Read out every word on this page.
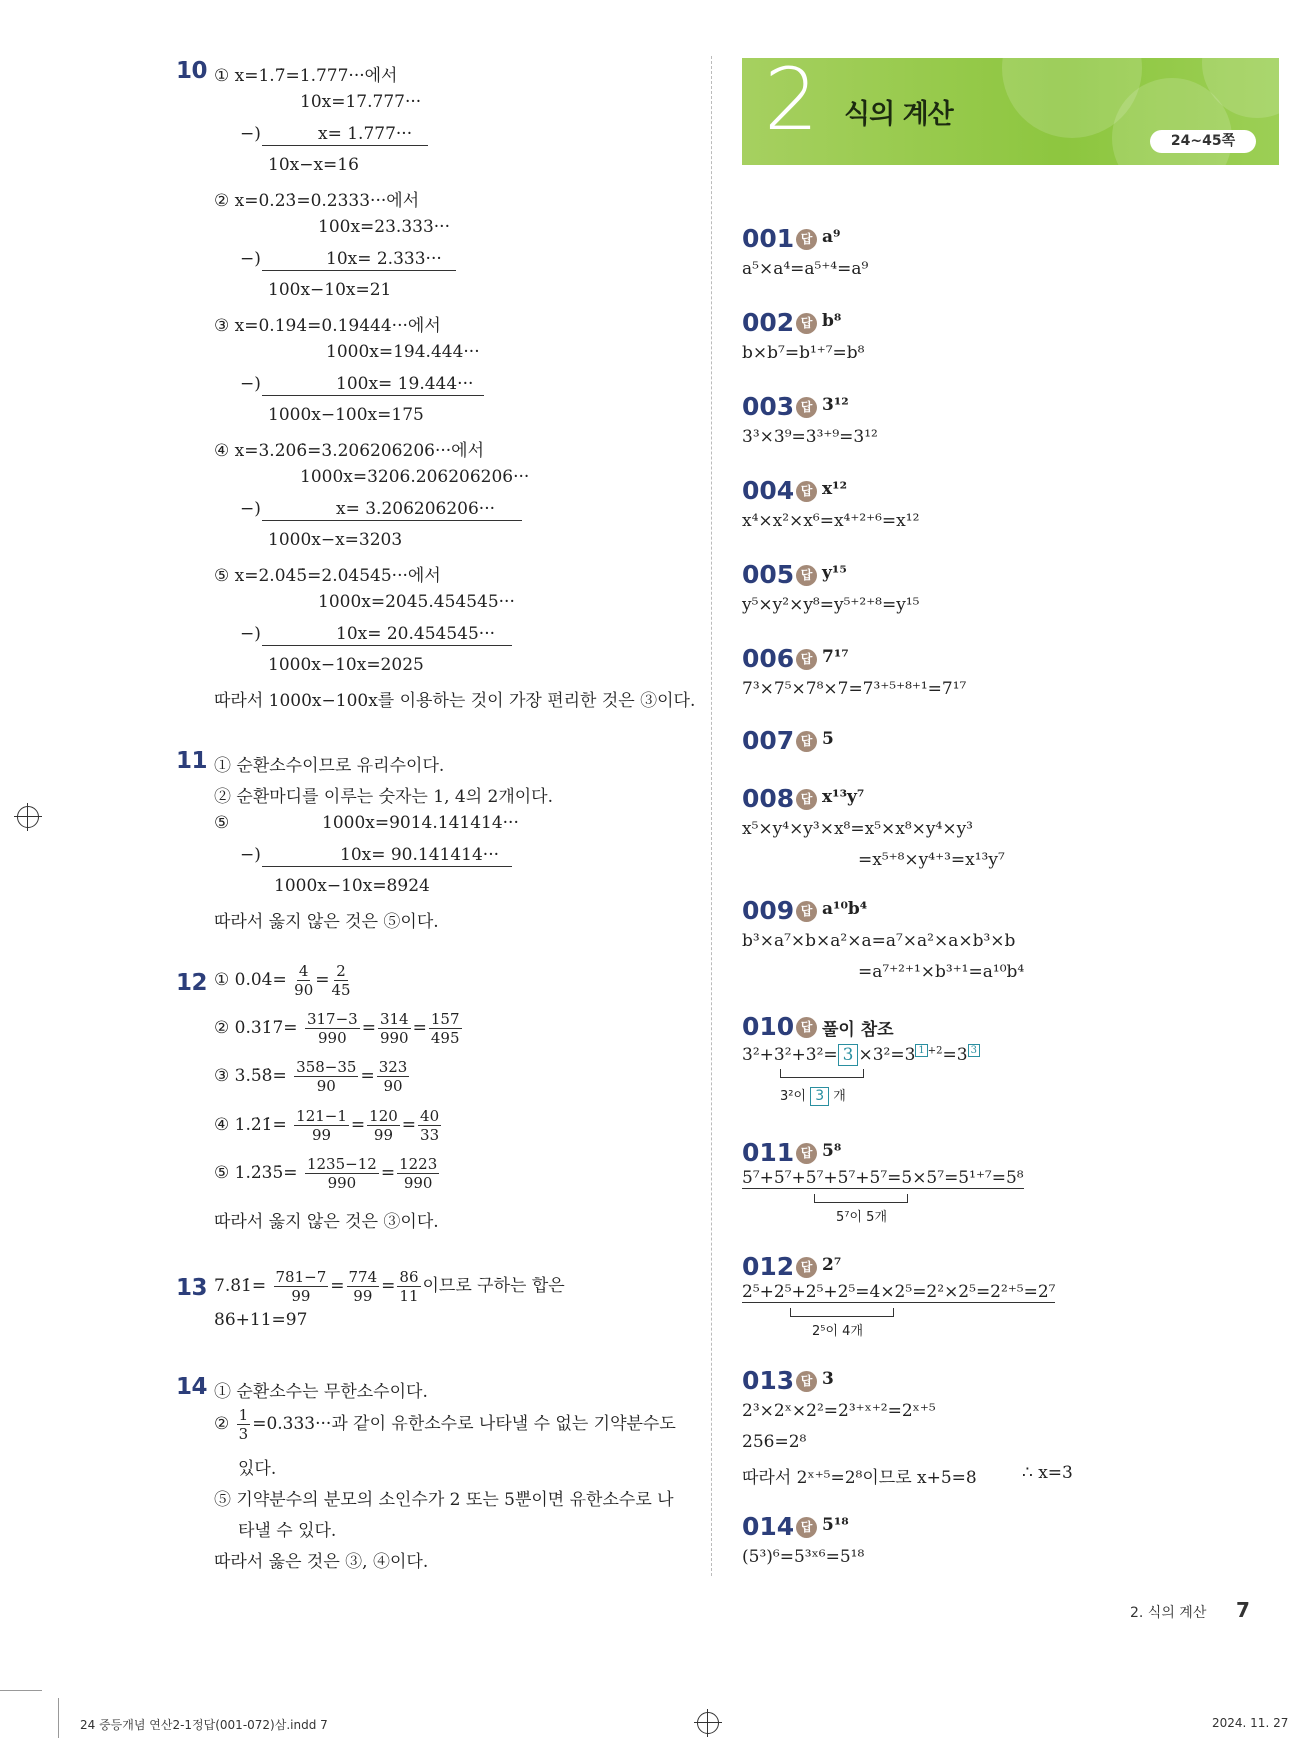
10 ① x=1.7̇=1.777···에서
10x=17.777···
−)	x= 1.777···
10x−x=16
② x=0.23̇=0.2333···에서
100x=23.333···
−)	10x= 2.333···
100x−10x=21
③ x=0.194̇=0.19444···에서
1000x=194.444···
−)	100x= 19.444···
1000x−100x=175
④ x=3.2̇06̇=3.206206206···에서
1000x=3206.206206206···
−)	x= 3.206206206···
1000x−x=3203
⑤ x=2.04̇5̇=2.04545···에서
1000x=2045.454545···
−)	10x= 20.454545···
1000x−10x=2025
따라서 1000x−100x를 이용하는 것이 가장 편리한 것은 ③이다.
11 ① 순환소수이므로 유리수이다.
② 순환마디를 이루는 숫자는 1, 4의 2개이다.
⑤	1000x=9014.141414···
−)	10x= 90.141414···
1000x−10x=8924
따라서 옳지 않은 것은 ⑤이다.
12 ① 0.04̇= $\frac{4}{90} = \frac{2}{45}$
② 0.31̇7̇= $\frac{317-3}{990} = \frac{314}{990} = \frac{157}{495}$
③ 3.5̇8̇= $\frac{358-35}{90} = \frac{323}{90}$
④ 1.2̇1̇= $\frac{121-1}{99} = \frac{120}{99} = \frac{40}{33}$
⑤ 1.2̇35̇= $\frac{1235-12}{990} = \frac{1223}{990}$
따라서 옳지 않은 것은 ③이다.
13 7.8̇1̇= $\frac{781-7}{99} = \frac{774}{99} = \frac{86}{11}$ 이므로 구하는 합은
86+11=97
14 ① 순환소수는 무한소수이다.
② $\frac{1}{3} =0.333\cdot\cdot\cdot$과 같이 유한소수로 나타낼 수 없는 기약분수도
있다.
⑤ 기약분수의 분모의 소인수가 2 또는 5뿐이면 유한소수로 나
타낼 수 있다.
따라서 옳은 것은 ③, ④이다.
2 식의 계산
24~45쪽
001 답 a⁹
a⁵×a⁴=a⁵⁺⁴=a⁹
002 답 b⁸
b×b⁷=b¹⁺⁷=b⁸
003 답 3¹²
3³×3⁹=3³⁺⁹=3¹²
004 답 x¹²
x⁴×x²×x⁶=x⁴⁺²⁺⁶=x¹²
005 답 y¹⁵
y⁵×y²×y⁸=y⁵⁺²⁺⁸=y¹⁵
006 답 7¹⁷
7³×7⁵×7⁸×7=7³⁺⁵⁺⁸⁺¹=7¹⁷
007 답 5
008 답 x¹³y⁷
x⁵×y⁴×y³×x⁸=x⁵×x⁸×y⁴×y³
=x⁵⁺⁸×y⁴⁺³=x¹³y⁷
009 답 a¹⁰b⁴
b³×a⁷×b×a²×a=a⁷×a²×a×b³×b
=a⁷⁺²⁺¹×b³⁺¹=a¹⁰b⁴
010 답 풀이 참조
011 답 5⁸
012 답 2⁷
013 답 3
2³×2ˣ×2²=2³⁺ˣ⁺²=2ˣ⁺⁵
256=2⁸
따라서 2ˣ⁺⁵=2⁸이므로 x+5=8	∴ x=3
014 답 5¹⁸
(5³)⁶=5³ˣ⁶=5¹⁸
3²+3²+3²= 3 ×3²=3 1 $^{+2}$=3 3
3²이 3 개
5⁷+5⁷+5⁷+5⁷+5⁷=5×5⁷=5¹⁺⁷=5⁸
5⁷이 5개
2⁵+2⁵+2⁵+2⁵=4×2⁵=2²×2⁵=2²⁺⁵=2⁷
2⁵이 4개
2. 식의 계산 7
24 중등개념 연산2-1정답(001-072)삼.indd 7	2024. 11. 27
